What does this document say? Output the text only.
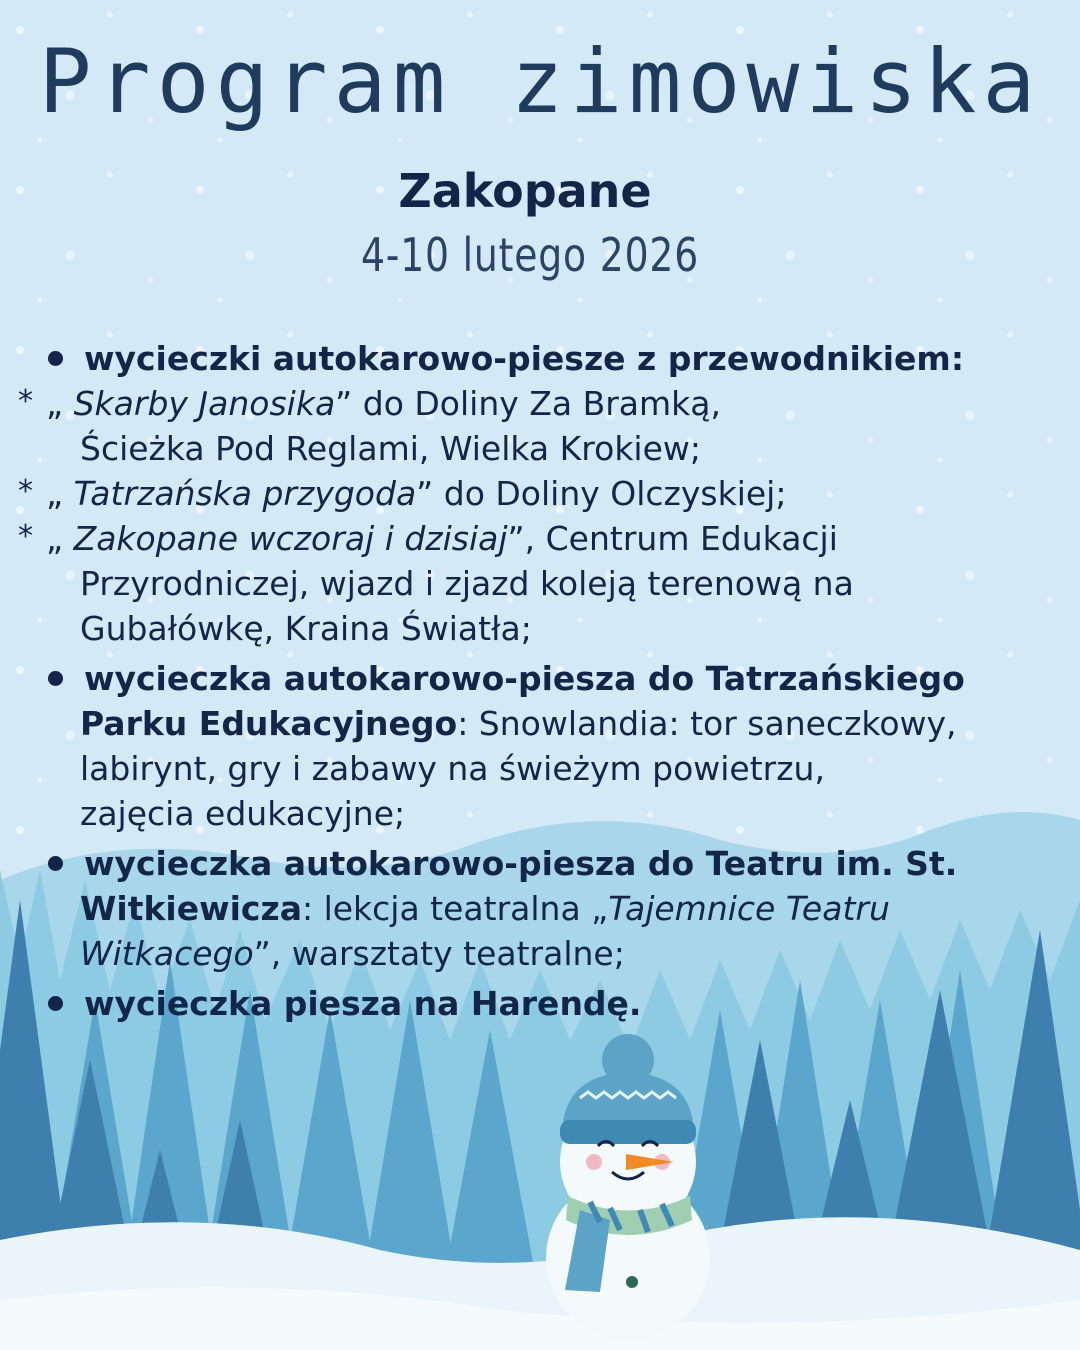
Program zimowiska
Zakopane
4-10 lutego 2026
wycieczki autokarowo-piesze z przewodnikiem:
* „ Skarby Janosika” do Doliny Za Bramką,
Ścieżka Pod Reglami, Wielka Krokiew;
* „ Tatrzańska przygoda” do Doliny Olczyskiej;
* „ Zakopane wczoraj i dzisiaj”, Centrum Edukacji
Przyrodniczej, wjazd i zjazd koleją terenową na
Gubałówkę, Kraina Światła;
wycieczka autokarowo-piesza do Tatrzańskiego
Parku Edukacyjnego: Snowlandia: tor saneczkowy,
labirynt, gry i zabawy na świeżym powietrzu,
zajęcia edukacyjne;
wycieczka autokarowo-piesza do Teatru im. St.
Witkiewicza: lekcja teatralna „Tajemnice Teatru
Witkacego”, warsztaty teatralne;
wycieczka piesza na Harendę.
